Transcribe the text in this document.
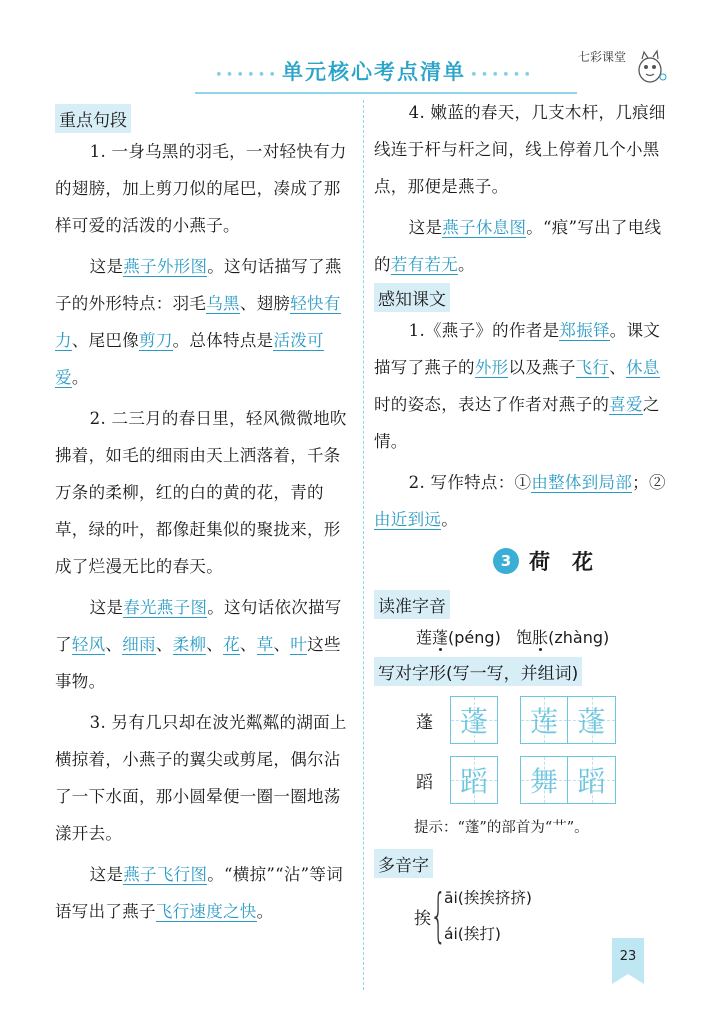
•••••• 单元核心考点清单 ••••••
七彩课堂
重点句段

1. 一身乌黑的羽毛，一对轻快有力的翅膀，加上剪刀似的尾巴，凑成了那样可爱的活泼的小燕子。

这是燕子外形图。这句话描写了燕子的外形特点：羽毛乌黑、翅膀轻快有力、尾巴像剪刀。总体特点是活泼可爱。

2. 二三月的春日里，轻风微微地吹拂着，如毛的细雨由天上洒落着，千条万条的柔柳，红的白的黄的花，青的草，绿的叶，都像赶集似的聚拢来，形成了烂漫无比的春天。

这是春光燕子图。这句话依次描写了轻风、细雨、柔柳、花、草、叶这些事物。

3. 另有几只却在波光粼粼的湖面上横掠着，小燕子的翼尖或剪尾，偶尔沾了一下水面，那小圆晕便一圈一圈地荡漾开去。

这是燕子飞行图。“横掠”“沾”等词语写出了燕子飞行速度之快。

4. 嫩蓝的春天，几支木杆，几痕细线连于杆与杆之间，线上停着几个小黑点，那便是燕子。

这是燕子休息图。“痕”写出了电线的若有若无。

感知课文

1.《燕子》的作者是郑振铎。课文描写了燕子的外形以及燕子飞行、休息时的姿态，表达了作者对燕子的喜爱之情。

2. 写作特点：①由整体到局部；②由近到远。

3 荷花
读准字音

莲蓬(péng) 饱胀(zhàng)

写对字形(写一写，并组词)
蓬 蓬 莲 蓬
蹈 蹈 舞 蹈

提示：“蓬”的部首为“艹”。

多音字
挨 {
āi(挨挨挤挤)
ái(挨打)
23
